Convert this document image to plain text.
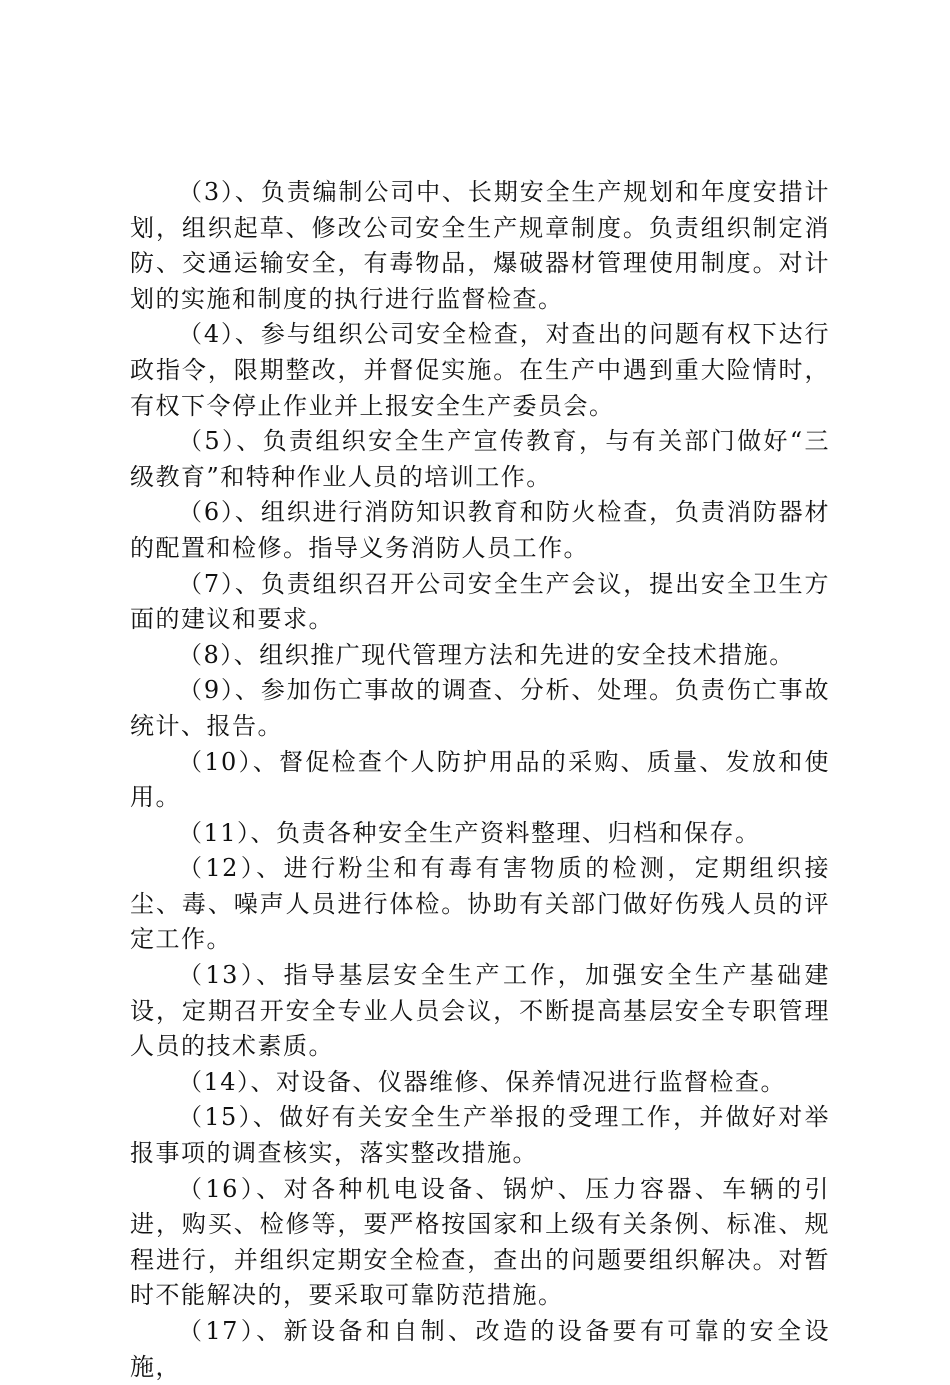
（3）、负责编制公司中、长期安全生产规划和年度安措计划，组织起草、修改公司安全生产规章制度。负责组织制定消防、交通运输安全，有毒物品，爆破器材管理使用制度。对计划的实施和制度的执行进行监督检查。

（4）、参与组织公司安全检查，对查出的问题有权下达行政指令，限期整改，并督促实施。在生产中遇到重大险情时，有权下令停止作业并上报安全生产委员会。

（5）、负责组织安全生产宣传教育，与有关部门做好“三级教育”和特种作业人员的培训工作。

（6）、组织进行消防知识教育和防火检查，负责消防器材的配置和检修。指导义务消防人员工作。

（7）、负责组织召开公司安全生产会议，提出安全卫生方面的建议和要求。

（8）、组织推广现代管理方法和先进的安全技术措施。

（9）、参加伤亡事故的调查、分析、处理。负责伤亡事故统计、报告。

（10）、督促检查个人防护用品的采购、质量、发放和使用。

（11）、负责各种安全生产资料整理、归档和保存。

（12）、进行粉尘和有毒有害物质的检测，定期组织接尘、毒、噪声人员进行体检。协助有关部门做好伤残人员的评定工作。

（13）、指导基层安全生产工作，加强安全生产基础建设，定期召开安全专业人员会议，不断提高基层安全专职管理人员的技术素质。

（14）、对设备、仪器维修、保养情况进行监督检查。

（15）、做好有关安全生产举报的受理工作，并做好对举报事项的调查核实，落实整改措施。

（16）、对各种机电设备、锅炉、压力容器、车辆的引进，购买、检修等，要严格按国家和上级有关条例、标准、规程进行，并组织定期安全检查，查出的问题要组织解决。对暂时不能解决的，要采取可靠防范措施。

（17）、新设备和自制、改造的设备要有可靠的安全设施，
